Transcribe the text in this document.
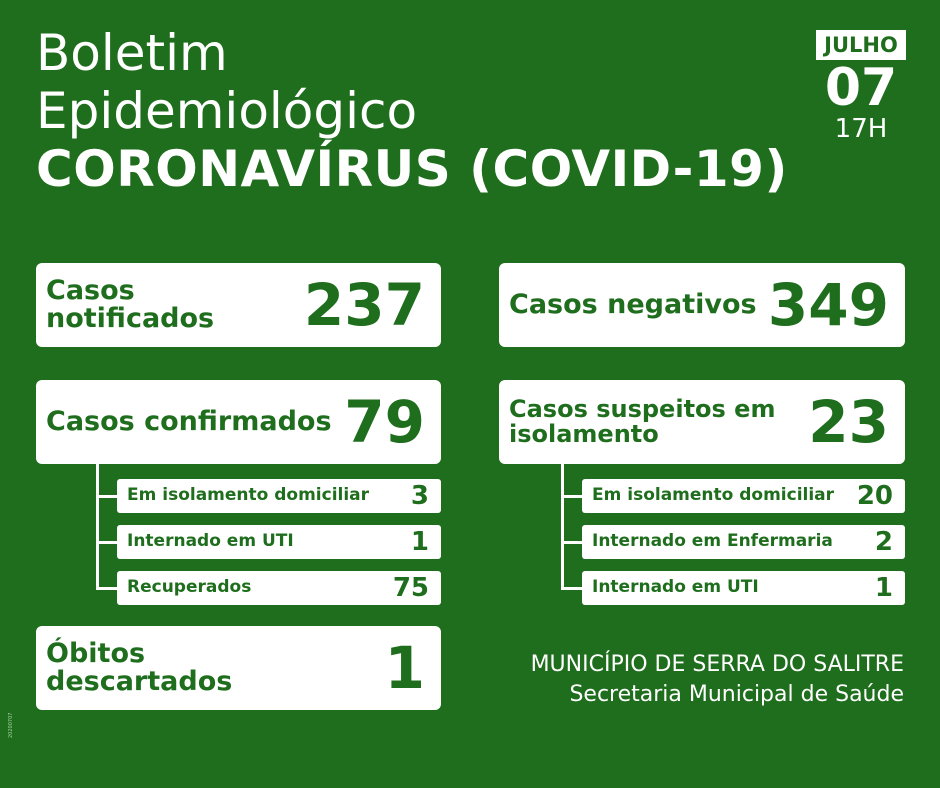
Boletim
Epidemiológico
CORONAVÍRUS (COVID-19)
JULHO
07
17H
Casos notificados	237
Casos confirmados 79
Em isolamento domiciliar 3
Internado em UTI	1
Recuperados	75
Óbitos
descartados	1
Casos negativos 349
Casos suspeitos em
isolamento	23
Em isolamento domiciliar 20
Internado em Enfermaria 2
Internado em UTI	1
MUNICÍPIO DE SERRA DO SALITRE
Secretaria Municipal de Saúde
20200707
